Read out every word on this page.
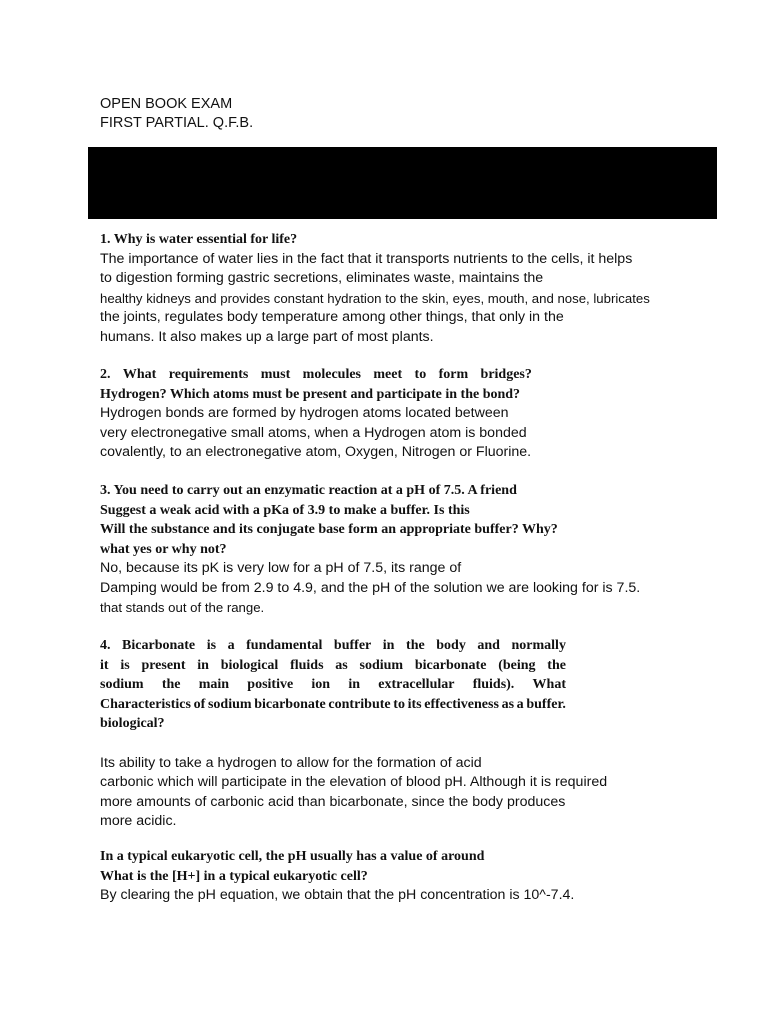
OPEN BOOK EXAM
FIRST PARTIAL. Q.F.B.
1. Why is water essential for life?
The importance of water lies in the fact that it transports nutrients to the cells, it helps
to digestion forming gastric secretions, eliminates waste, maintains the
healthy kidneys and provides constant hydration to the skin, eyes, mouth, and nose, lubricates
the joints, regulates body temperature among other things, that only in the
humans. It also makes up a large part of most plants.
2. What requirements must molecules meet to form bridges?
Hydrogen? Which atoms must be present and participate in the bond?
Hydrogen bonds are formed by hydrogen atoms located between
very electronegative small atoms, when a Hydrogen atom is bonded
covalently, to an electronegative atom, Oxygen, Nitrogen or Fluorine.
3. You need to carry out an enzymatic reaction at a pH of 7.5. A friend
Suggest a weak acid with a pKa of 3.9 to make a buffer. Is this
Will the substance and its conjugate base form an appropriate buffer? Why?
what yes or why not?
No, because its pK is very low for a pH of 7.5, its range of
Damping would be from 2.9 to 4.9, and the pH of the solution we are looking for is 7.5.
that stands out of the range.
4. Bicarbonate is a fundamental buffer in the body and normally
it is present in biological fluids as sodium bicarbonate (being the
sodium the main positive ion in extracellular fluids). What
Characteristics of sodium bicarbonate contribute to its effectiveness as a buffer.
biological?
Its ability to take a hydrogen to allow for the formation of acid
carbonic which will participate in the elevation of blood pH. Although it is required
more amounts of carbonic acid than bicarbonate, since the body produces
more acidic.
In a typical eukaryotic cell, the pH usually has a value of around
What is the [H+] in a typical eukaryotic cell?
By clearing the pH equation, we obtain that the pH concentration is 10^-7.4.
